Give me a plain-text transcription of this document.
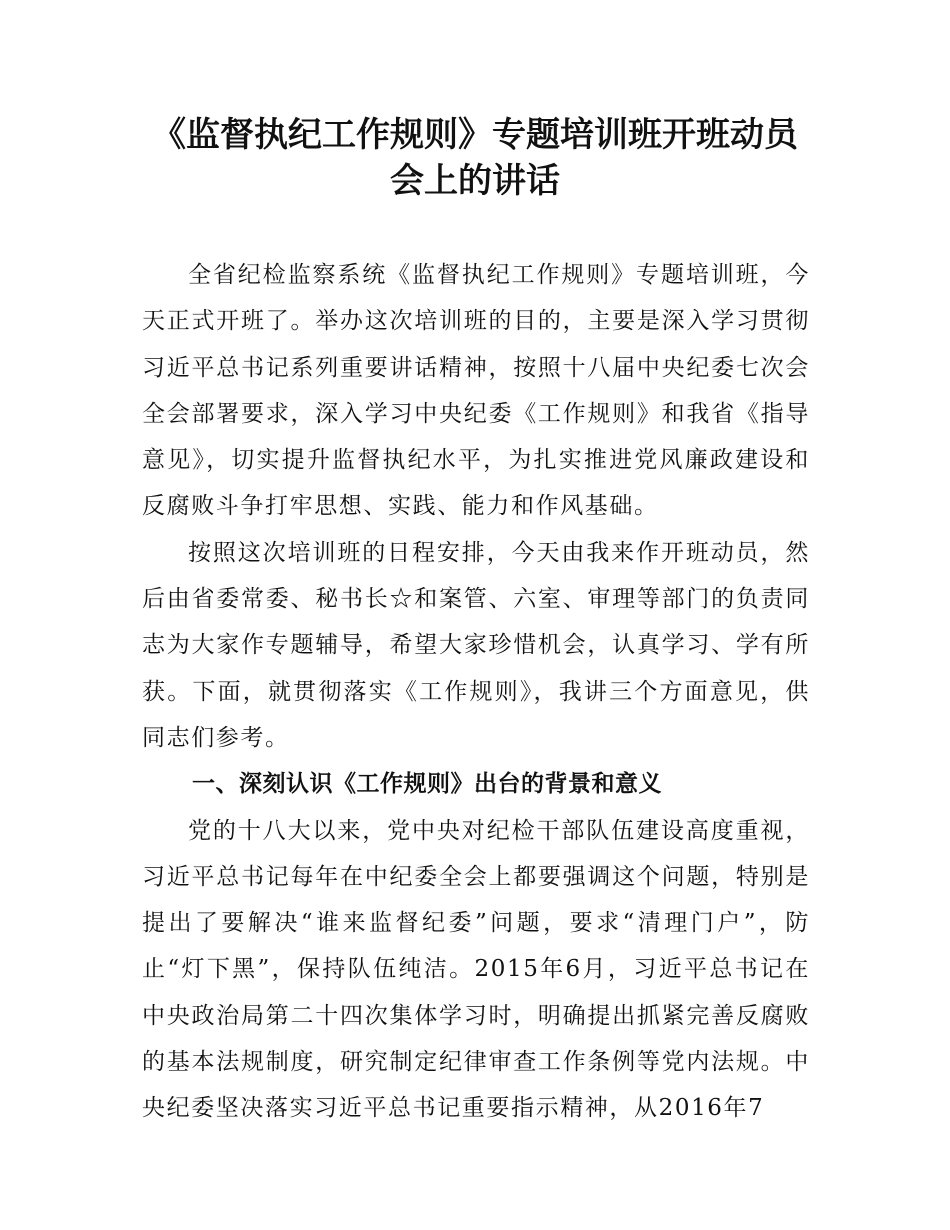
《监督执纪工作规则》专题培训班开班动员
会上的讲话

全省纪检监察系统《监督执纪工作规则》专题培训班，今天正式开班了。举办这次培训班的目的，主要是深入学习贯彻习近平总书记系列重要讲话精神，按照十八届中央纪委七次会全会部署要求，深入学习中央纪委《工作规则》和我省《指导意见》，切实提升监督执纪水平，为扎实推进党风廉政建设和反腐败斗争打牢思想、实践、能力和作风基础。

按照这次培训班的日程安排，今天由我来作开班动员，然后由省委常委、秘书长☆和案管、六室、审理等部门的负责同志为大家作专题辅导，希望大家珍惜机会，认真学习、学有所获。下面，就贯彻落实《工作规则》，我讲三个方面意见，供同志们参考。

一、深刻认识《工作规则》出台的背景和意义

党的十八大以来，党中央对纪检干部队伍建设高度重视，习近平总书记每年在中纪委全会上都要强调这个问题，特别是提出了要解决“谁来监督纪委”问题，要求“清理门户”，防止“灯下黑”，保持队伍纯洁。2015年6月，习近平总书记在中央政治局第二十四次集体学习时，明确提出抓紧完善反腐败的基本法规制度，研究制定纪律审查工作条例等党内法规。中央纪委坚决落实习近平总书记重要指示精神，从2016年7
